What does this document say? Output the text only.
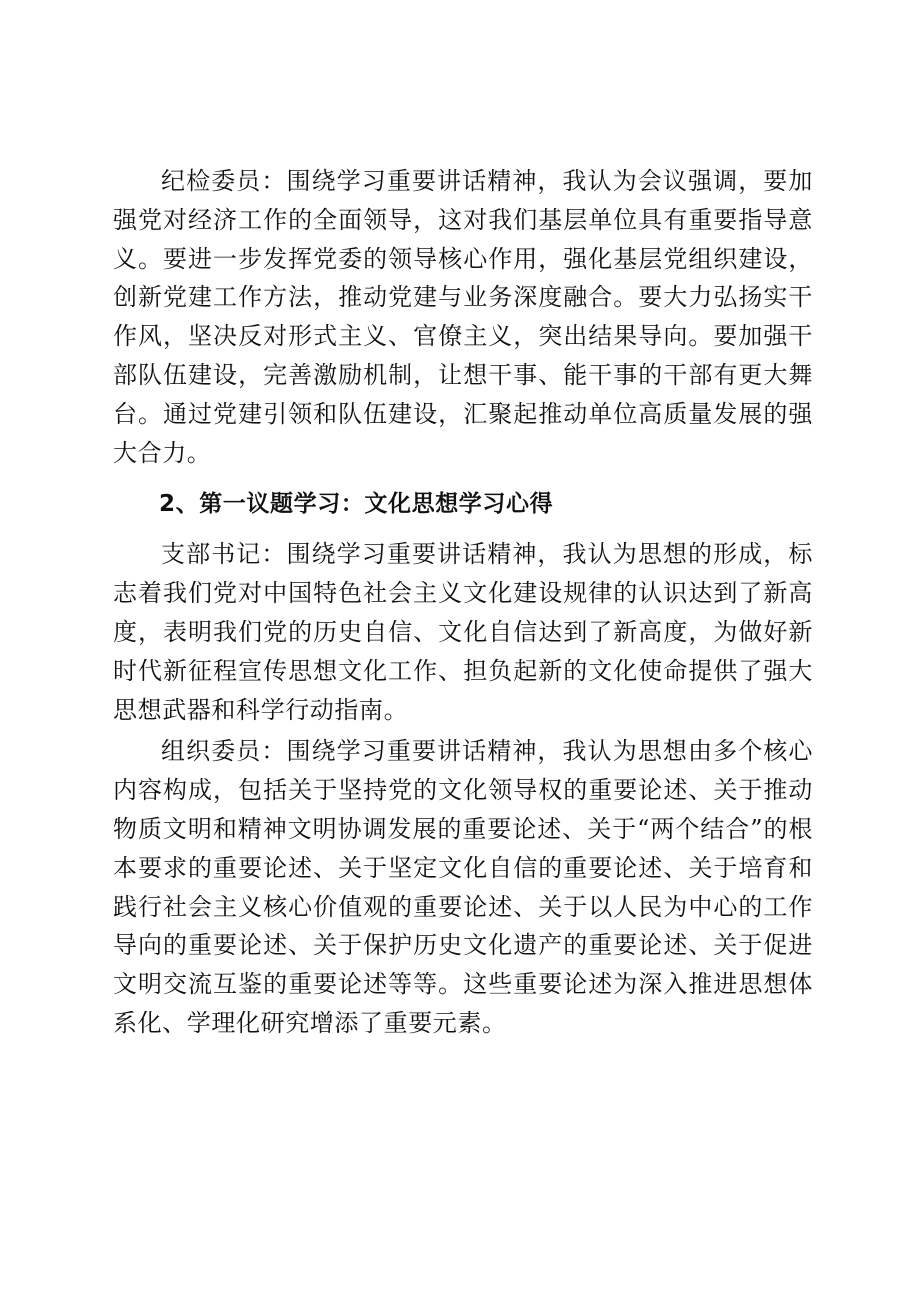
纪检委员：围绕学习重要讲话精神，我认为会议强调，要加强党对经济工作的全面领导，这对我们基层单位具有重要指导意义。要进一步发挥党委的领导核心作用，强化基层党组织建设，创新党建工作方法，推动党建与业务深度融合。要大力弘扬实干作风，坚决反对形式主义、官僚主义，突出结果导向。要加强干部队伍建设，完善激励机制，让想干事、能干事的干部有更大舞台。通过党建引领和队伍建设，汇聚起推动单位高质量发展的强大合力。

2、第一议题学习：文化思想学习心得

支部书记：围绕学习重要讲话精神，我认为思想的形成，标志着我们党对中国特色社会主义文化建设规律的认识达到了新高度，表明我们党的历史自信、文化自信达到了新高度，为做好新时代新征程宣传思想文化工作、担负起新的文化使命提供了强大思想武器和科学行动指南。

组织委员：围绕学习重要讲话精神，我认为思想由多个核心内容构成，包括关于坚持党的文化领导权的重要论述、关于推动物质文明和精神文明协调发展的重要论述、关于“两个结合”的根本要求的重要论述、关于坚定文化自信的重要论述、关于培育和践行社会主义核心价值观的重要论述、关于以人民为中心的工作导向的重要论述、关于保护历史文化遗产的重要论述、关于促进文明交流互鉴的重要论述等等。这些重要论述为深入推进思想体系化、学理化研究增添了重要元素。
